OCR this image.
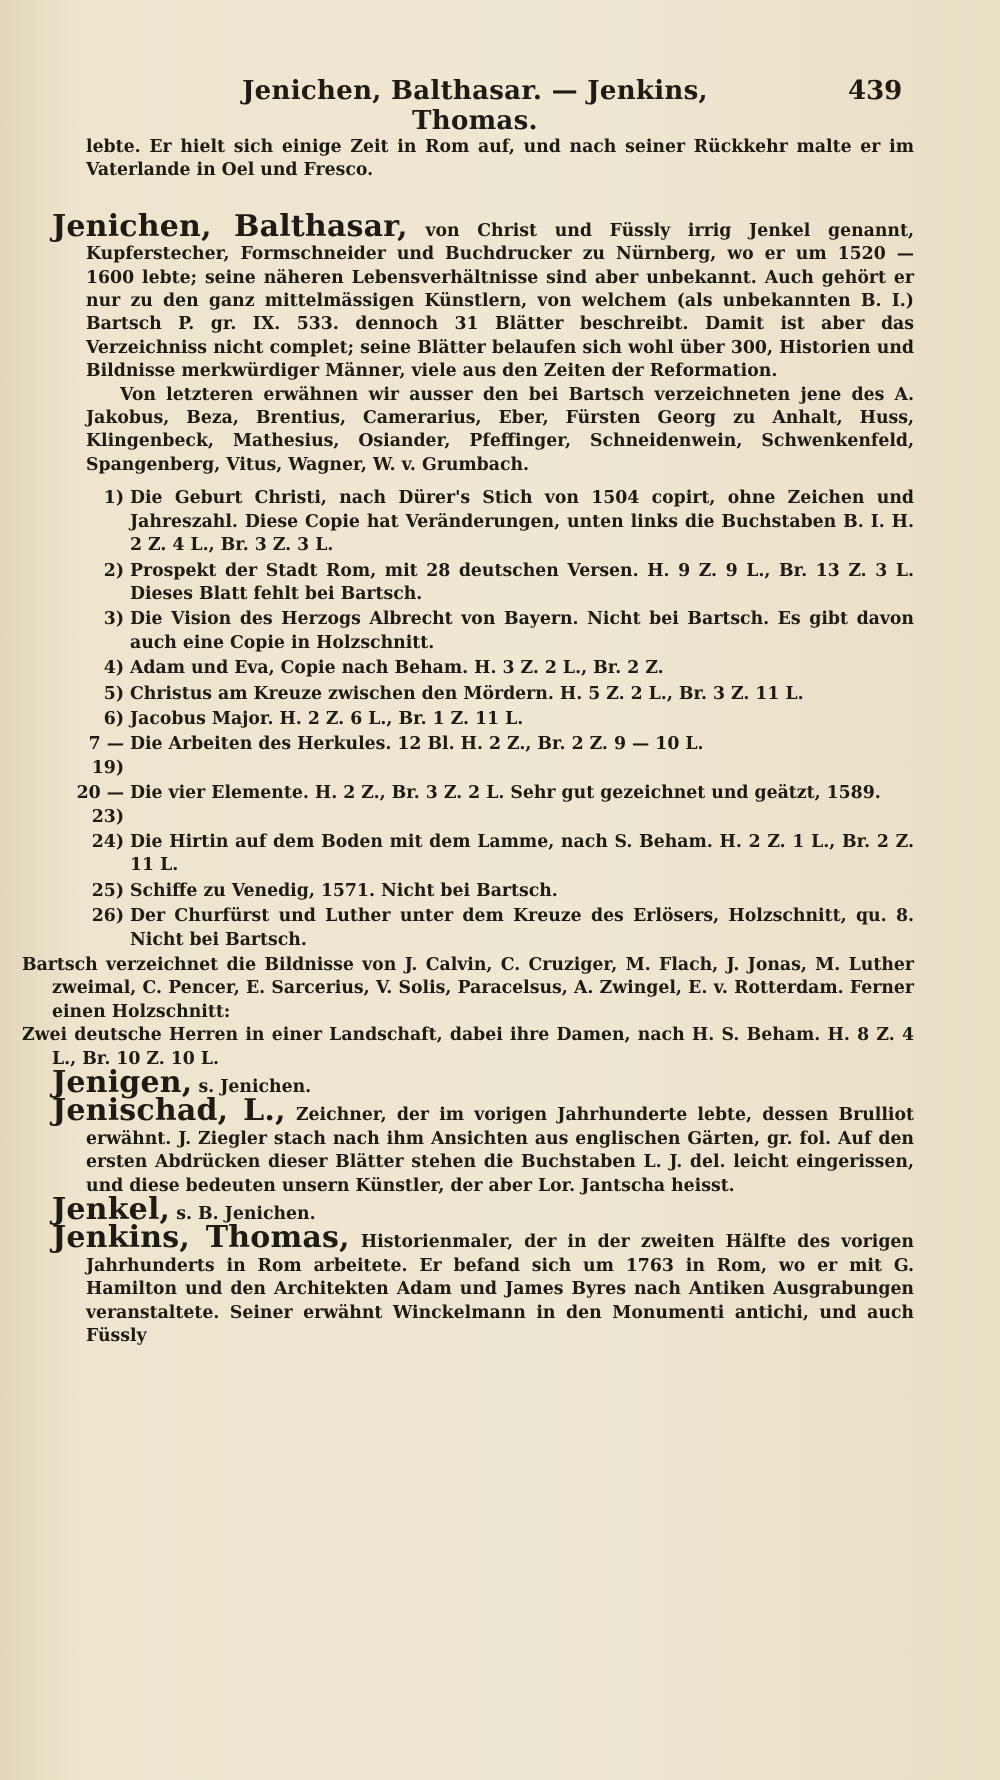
Jenichen, Balthasar. — Jenkins, Thomas.
439

lebte. Er hielt sich einige Zeit in Rom auf, und nach seiner Rückkehr malte er im Vaterlande in Oel und Fresco.

Jenichen, Balthasar, von Christ und Füssly irrig Jenkel genannt, Kupferstecher, Formschneider und Buchdrucker zu Nürnberg, wo er um 1520 — 1600 lebte; seine näheren Lebensverhältnisse sind aber unbekannt. Auch gehört er nur zu den ganz mittelmässigen Künstlern, von welchem (als unbekannten B. I.) Bartsch P. gr. IX. 533. dennoch 31 Blätter beschreibt. Damit ist aber das Verzeichniss nicht complet; seine Blätter belaufen sich wohl über 300, Historien und Bildnisse merkwürdiger Männer, viele aus den Zeiten der Reformation.

Von letzteren erwähnen wir ausser den bei Bartsch verzeichneten jene des A. Jakobus, Beza, Brentius, Camerarius, Eber, Fürsten Georg zu Anhalt, Huss, Klingenbeck, Mathesius, Osiander, Pfeffinger, Schneidenwein, Schwenkenfeld, Spangenberg, Vitus, Wagner, W. v. Grumbach.

1) Die Geburt Christi, nach Dürer's Stich von 1504 copirt, ohne Zeichen und Jahreszahl. Diese Copie hat Veränderungen, unten links die Buchstaben B. I. H. 2 Z. 4 L., Br. 3 Z. 3 L.
2) Prospekt der Stadt Rom, mit 28 deutschen Versen. H. 9 Z. 9 L., Br. 13 Z. 3 L. Dieses Blatt fehlt bei Bartsch.
3) Die Vision des Herzogs Albrecht von Bayern. Nicht bei Bartsch. Es gibt davon auch eine Copie in Holzschnitt.
4) Adam und Eva, Copie nach Beham. H. 3 Z. 2 L., Br. 2 Z.
5) Christus am Kreuze zwischen den Mördern. H. 5 Z. 2 L., Br. 3 Z. 11 L.
6) Jacobus Major. H. 2 Z. 6 L., Br. 1 Z. 11 L.
7 — 19)
Die Arbeiten des Herkules. 12 Bl. H. 2 Z., Br. 2 Z. 9 — 10 L.
20 — 23)
Die vier Elemente. H. 2 Z., Br. 3 Z. 2 L. Sehr gut gezeichnet und geätzt, 1589.
24) Die Hirtin auf dem Boden mit dem Lamme, nach S. Beham. H. 2 Z. 1 L., Br. 2 Z. 11 L.
25) Schiffe zu Venedig, 1571. Nicht bei Bartsch.
26) Der Churfürst und Luther unter dem Kreuze des Erlösers, Holzschnitt, qu. 8. Nicht bei Bartsch.

Bartsch verzeichnet die Bildnisse von J. Calvin, C. Cruziger, M. Flach, J. Jonas, M. Luther zweimal, C. Pencer, E. Sarcerius, V. Solis, Paracelsus, A. Zwingel, E. v. Rotterdam. Ferner einen Holzschnitt:

Zwei deutsche Herren in einer Landschaft, dabei ihre Damen, nach H. S. Beham. H. 8 Z. 4 L., Br. 10 Z. 10 L.

Jenigen, s. Jenichen.

Jenischad, L., Zeichner, der im vorigen Jahrhunderte lebte, dessen Brulliot erwähnt. J. Ziegler stach nach ihm Ansichten aus englischen Gärten, gr. fol. Auf den ersten Abdrücken dieser Blätter stehen die Buchstaben L. J. del. leicht eingerissen, und diese bedeuten unsern Künstler, der aber Lor. Jantscha heisst.

Jenkel, s. B. Jenichen.

Jenkins, Thomas, Historienmaler, der in der zweiten Hälfte des vorigen Jahrhunderts in Rom arbeitete. Er befand sich um 1763 in Rom, wo er mit G. Hamilton und den Architekten Adam und James Byres nach Antiken Ausgrabungen veranstaltete. Seiner erwähnt Winckelmann in den Monumenti antichi, und auch Füssly
